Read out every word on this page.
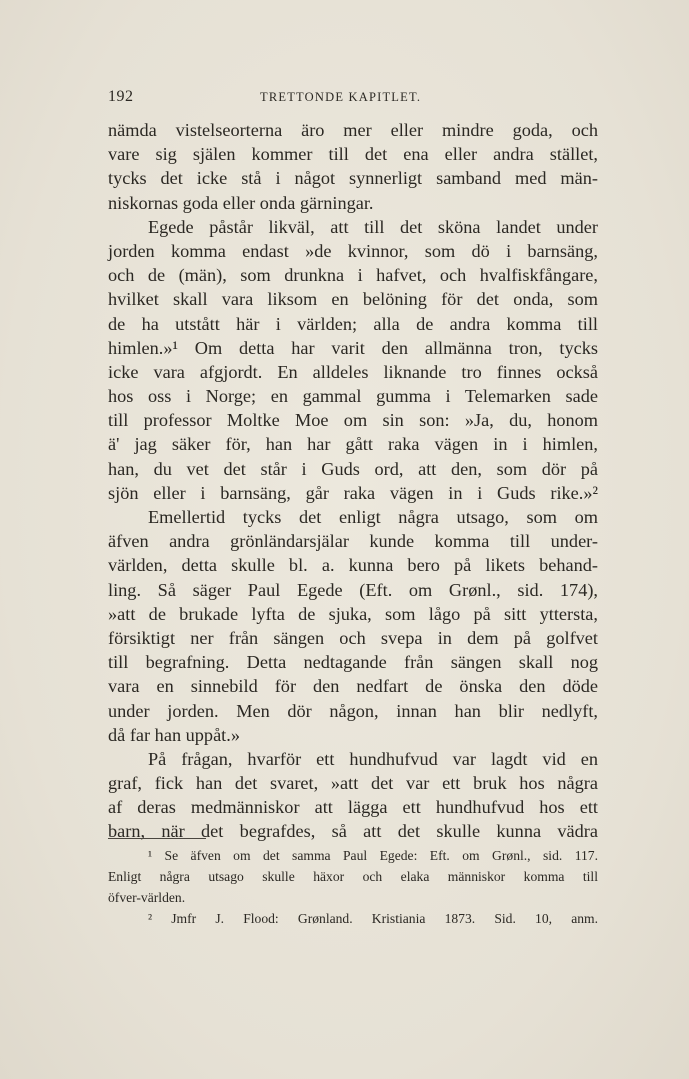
192	TRETTONDE KAPITLET.
nämda vistelseorterna äro mer eller mindre goda, och
vare sig själen kommer till det ena eller andra stället,
tycks det icke stå i något synnerligt samband med män-
niskornas goda eller onda gärningar.
Egede påstår likväl, att till det sköna landet under
jorden komma endast »de kvinnor, som dö i barnsäng,
och de (män), som drunkna i hafvet, och hvalfiskfångare,
hvilket skall vara liksom en belöning för det onda, som
de ha utstått här i världen; alla de andra komma till
himlen.»¹ Om detta har varit den allmänna tron, tycks
icke vara afgjordt. En alldeles liknande tro finnes också
hos oss i Norge; en gammal gumma i Telemarken sade
till professor Moltke Moe om sin son: »Ja, du, honom
ä' jag säker för, han har gått raka vägen in i himlen,
han, du vet det står i Guds ord, att den, som dör på
sjön eller i barnsäng, går raka vägen in i Guds rike.»²
Emellertid tycks det enligt några utsago, som om
äfven andra grönländarsjälar kunde komma till under-
världen, detta skulle bl. a. kunna bero på likets behand-
ling. Så säger Paul Egede (Eft. om Grønl., sid. 174),
»att de brukade lyfta de sjuka, som lågo på sitt yttersta,
försiktigt ner från sängen och svepa in dem på golfvet
till begrafning. Detta nedtagande från sängen skall nog
vara en sinnebild för den nedfart de önska den döde
under jorden. Men dör någon, innan han blir nedlyft,
då far han uppåt.»
På frågan, hvarför ett hundhufvud var lagdt vid en
graf, fick han det svaret, »att det var ett bruk hos några
af deras medmänniskor att lägga ett hundhufvud hos ett
barn, när det begrafdes, så att det skulle kunna vädra
¹ Se äfven om det samma Paul Egede: Eft. om Grønl., sid. 117.
Enligt några utsago skulle häxor och elaka människor komma till
öfver-världen.
² Jmfr J. Flood: Grønland. Kristiania 1873. Sid. 10, anm.
